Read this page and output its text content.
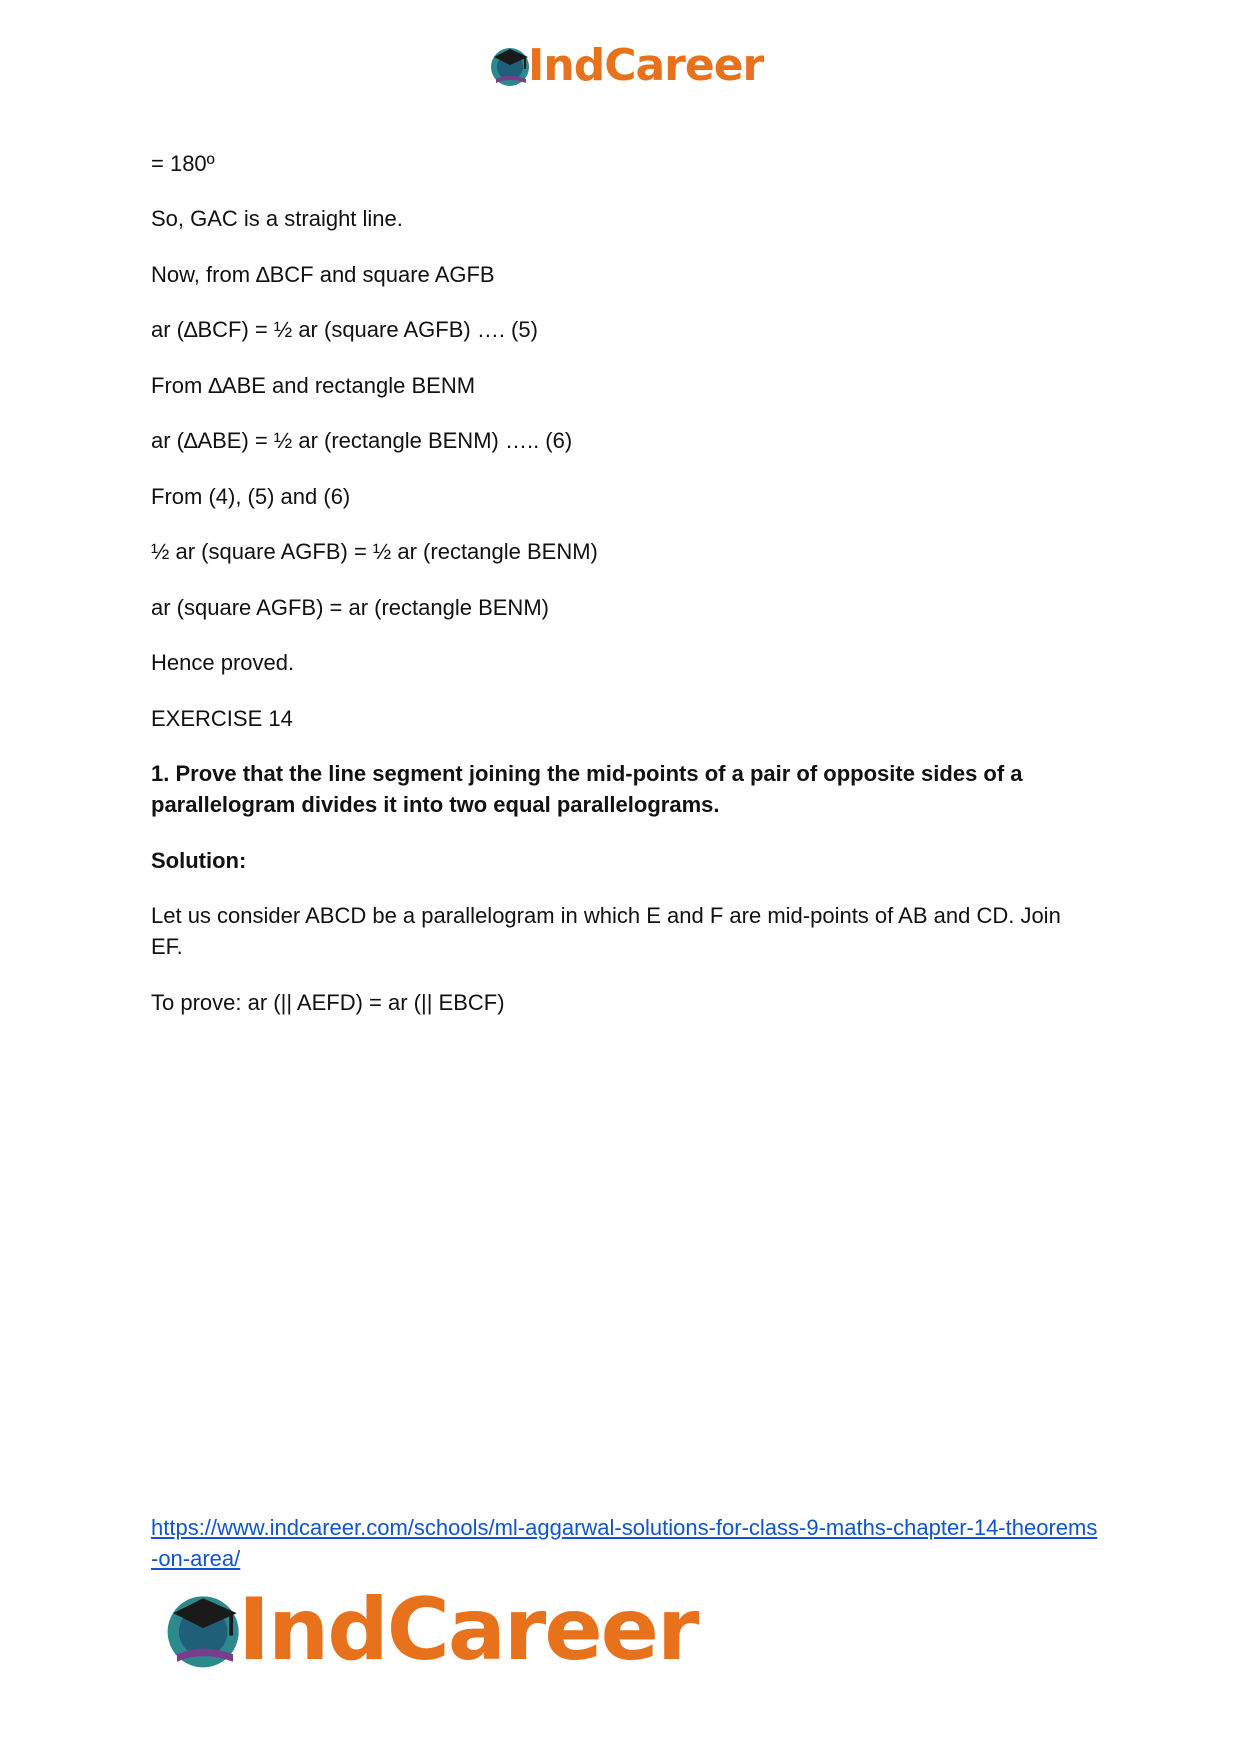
IndCareer
= 180º
So, GAC is a straight line.
Now, from ∆BCF and square AGFB
ar (∆BCF) = ½ ar (square AGFB) …. (5)
From ∆ABE and rectangle BENM
ar (∆ABE) = ½ ar (rectangle BENM) ….. (6)
From (4), (5) and (6)
½ ar (square AGFB) = ½ ar (rectangle BENM)
ar (square AGFB) = ar (rectangle BENM)
Hence proved.
EXERCISE 14
1. Prove that the line segment joining the mid-points of a pair of opposite sides of a parallelogram divides it into two equal parallelograms.
Solution:
Let us consider ABCD be a parallelogram in which E and F are mid-points of AB and CD. Join EF.
To prove: ar (|| AEFD) = ar (|| EBCF)
https://www.indcareer.com/schools/ml-aggarwal-solutions-for-class-9-maths-chapter-14-theorems-on-area/
IndCareer
